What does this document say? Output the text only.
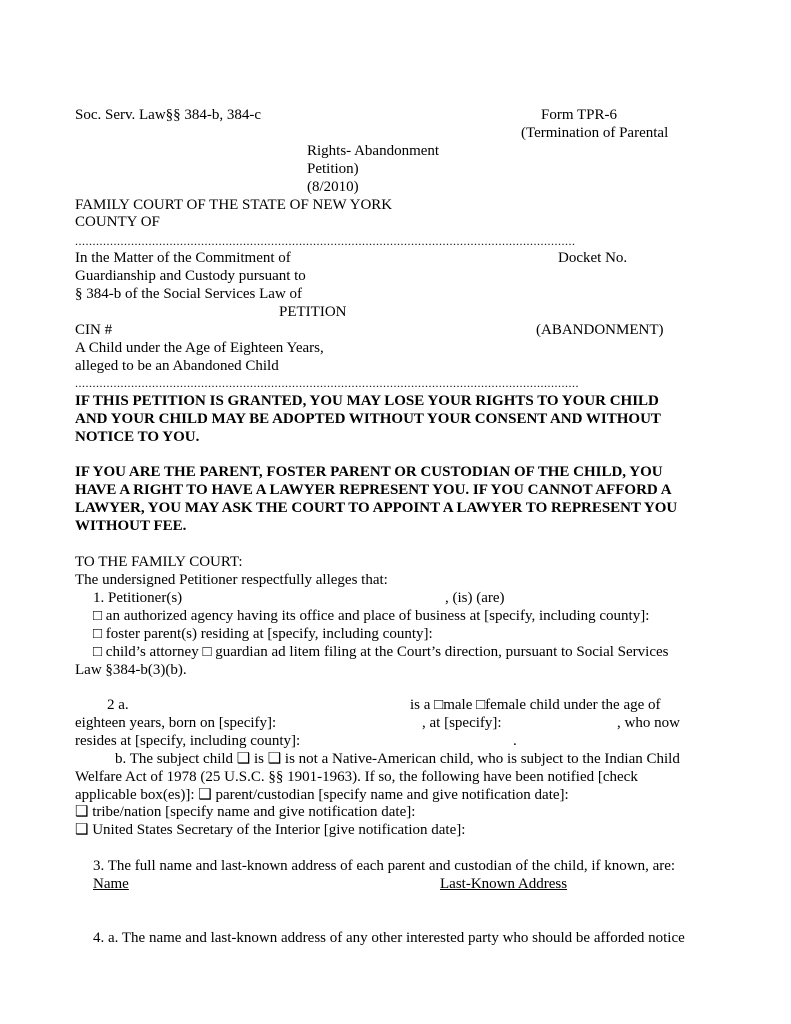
Soc. Serv. Law§§ 384-b, 384-c	Form TPR-6
(Termination of Parental
Rights- Abandonment
Petition)
(8/2010)
FAMILY COURT OF THE STATE OF NEW YORK
COUNTY OF
...............................................................................................................................................
In the Matter of the Commitment of	Docket No.
Guardianship and Custody pursuant to
§ 384-b of the Social Services Law of
PETITION
CIN #	(ABANDONMENT)
A Child under the Age of Eighteen Years,
alleged to be an Abandoned Child
................................................................................................................................................
IF THIS PETITION IS GRANTED, YOU MAY LOSE YOUR RIGHTS TO YOUR CHILD
AND YOUR CHILD MAY BE ADOPTED WITHOUT YOUR CONSENT AND WITHOUT
NOTICE TO YOU.
IF YOU ARE THE PARENT, FOSTER PARENT OR CUSTODIAN OF THE CHILD, YOU
HAVE A RIGHT TO HAVE A LAWYER REPRESENT YOU. IF YOU CANNOT AFFORD A
LAWYER, YOU MAY ASK THE COURT TO APPOINT A LAWYER TO REPRESENT YOU
WITHOUT FEE.
TO THE FAMILY COURT:
The undersigned Petitioner respectfully alleges that:
1. Petitioner(s)	, (is) (are)
□ an authorized agency having its office and place of business at [specify, including county]:
□ foster parent(s) residing at [specify, including county]:
□ child’s attorney □ guardian ad litem filing at the Court’s direction, pursuant to Social Services
Law §384-b(3)(b).
2 a.	is a □male □female child under the age of
eighteen years, born on [specify]:	, at [specify]:	, who now
resides at [specify, including county]:	.
b. The subject child ❑ is ❑ is not a Native-American child, who is subject to the Indian Child
Welfare Act of 1978 (25 U.S.C. §§ 1901-1963). If so, the following have been notified [check
applicable box(es)]: ❑ parent/custodian [specify name and give notification date]:
❑ tribe/nation [specify name and give notification date]:
❑ United States Secretary of the Interior [give notification date]:
3. The full name and last-known address of each parent and custodian of the child, if known, are:
Name	Last-Known Address
4. a. The name and last-known address of any other interested party who should be afforded notice
